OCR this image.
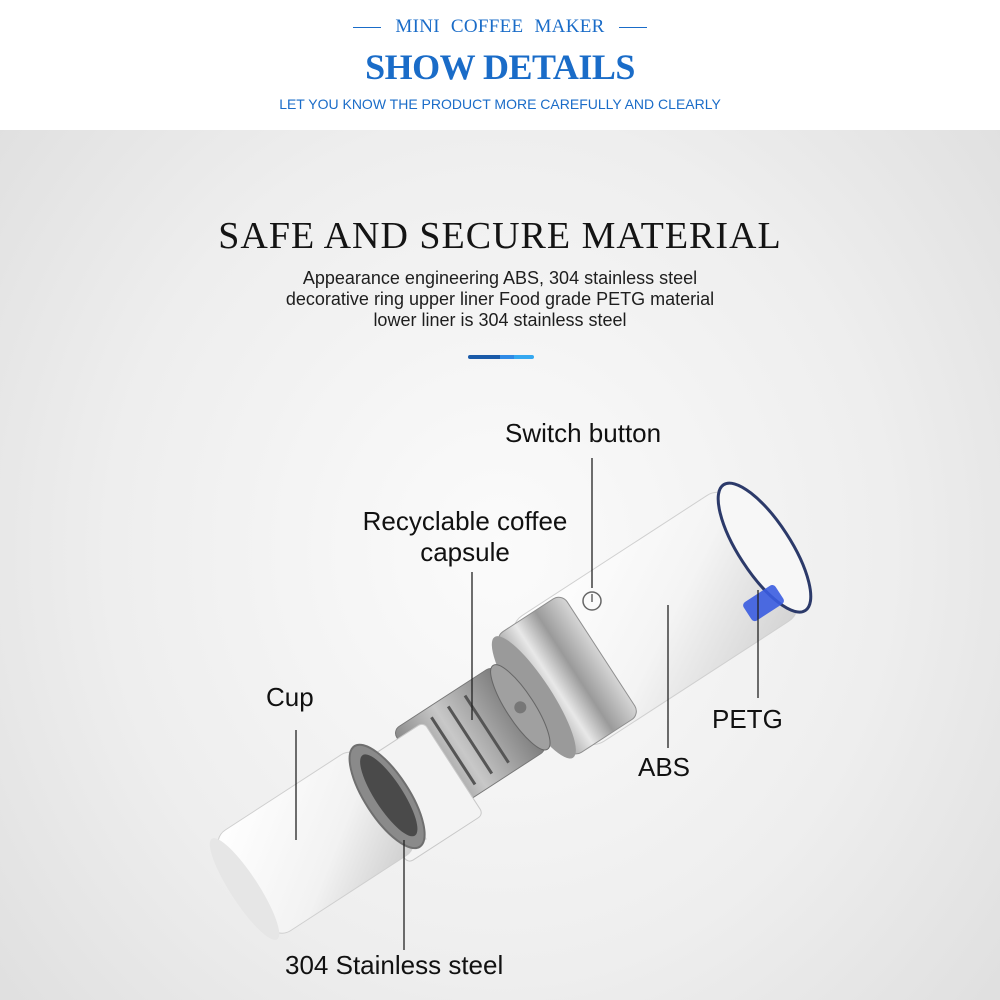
MINI COFFEE MAKER
SHOW DETAILS
LET YOU KNOW THE PRODUCT MORE CAREFULLY AND CLEARLY
SAFE AND SECURE MATERIAL
Appearance engineering ABS, 304 stainless steel
decorative ring upper liner Food grade PETG material
lower liner is 304 stainless steel
Switch button
Recyclable coffee
capsule
Cup
PETG
ABS
304 Stainless steel
